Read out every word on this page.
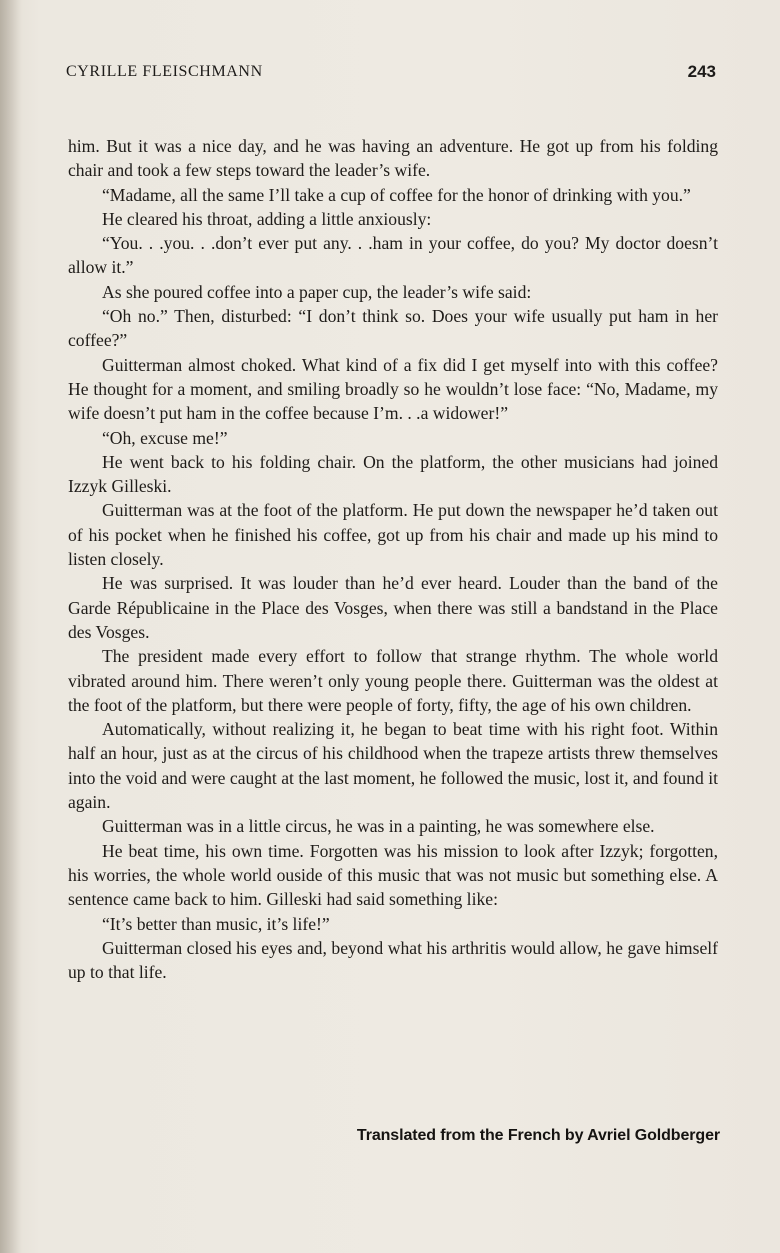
CYRILLE FLEISCHMANN	243

him. But it was a nice day, and he was having an adventure. He got up from his folding chair and took a few steps toward the leader’s wife.

“Madame, all the same I’ll take a cup of coffee for the honor of drinking with you.”

He cleared his throat, adding a little anxiously:

“You. . .you. . .don’t ever put any. . .ham in your coffee, do you? My doctor doesn’t allow it.”

As she poured coffee into a paper cup, the leader’s wife said:

“Oh no.” Then, disturbed: “I don’t think so. Does your wife usually put ham in her coffee?”

Guitterman almost choked. What kind of a fix did I get myself into with this coffee? He thought for a moment, and smiling broadly so he wouldn’t lose face: “No, Madame, my wife doesn’t put ham in the coffee because I’m. . .a widower!”

“Oh, excuse me!”

He went back to his folding chair. On the platform, the other musicians had joined Izzyk Gilleski.

Guitterman was at the foot of the platform. He put down the newspaper he’d taken out of his pocket when he finished his coffee, got up from his chair and made up his mind to listen closely.

He was surprised. It was louder than he’d ever heard. Louder than the band of the Garde Républicaine in the Place des Vosges, when there was still a bandstand in the Place des Vosges.

The president made every effort to follow that strange rhythm. The whole world vibrated around him. There weren’t only young people there. Guitterman was the oldest at the foot of the platform, but there were people of forty, fifty, the age of his own children.

Automatically, without realizing it, he began to beat time with his right foot. Within half an hour, just as at the circus of his childhood when the trapeze artists threw themselves into the void and were caught at the last moment, he followed the music, lost it, and found it again.

Guitterman was in a little circus, he was in a painting, he was somewhere else.

He beat time, his own time. Forgotten was his mission to look after Izzyk; forgotten, his worries, the whole world ouside of this music that was not music but something else. A sentence came back to him. Gilleski had said something like:

“It’s better than music, it’s life!”

Guitterman closed his eyes and, beyond what his arthritis would allow, he gave himself up to that life.

Translated from the French by Avriel Goldberger
